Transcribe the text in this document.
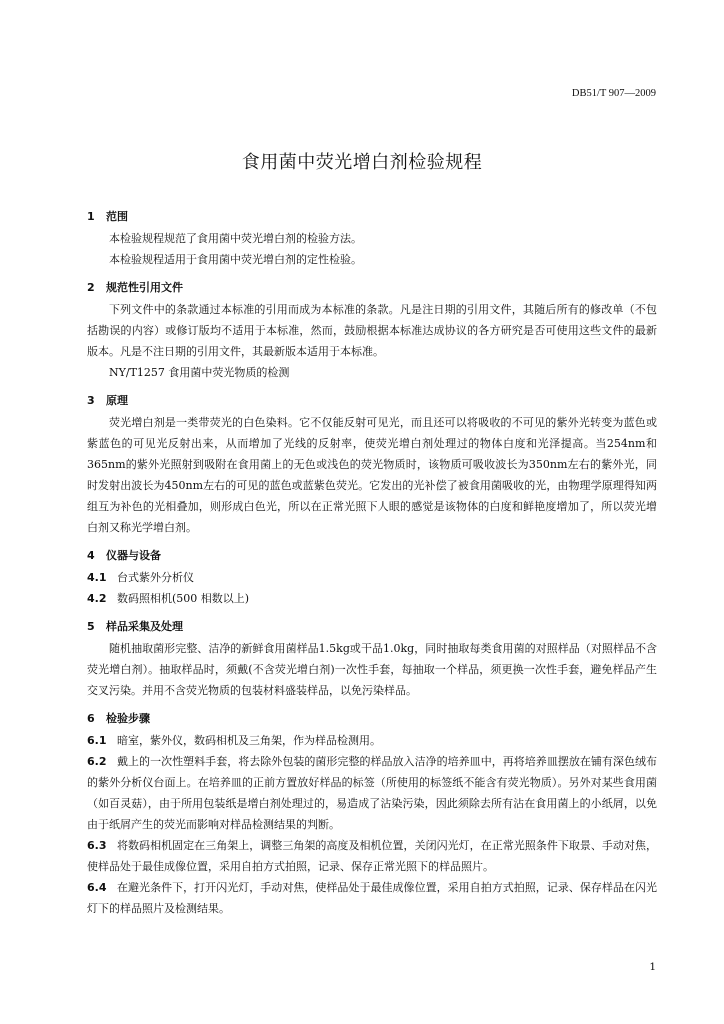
DB51/T 907—2009
食用菌中荧光增白剂检验规程
1 范围
本检验规程规范了食用菌中荧光增白剂的检验方法。
本检验规程适用于食用菌中荧光增白剂的定性检验。
2 规范性引用文件
下列文件中的条款通过本标准的引用而成为本标准的条款。凡是注日期的引用文件，其随后所有的修改单（不包括勘误的内容）或修订版均不适用于本标准，然而，鼓励根据本标准达成协议的各方研究是否可使用这些文件的最新版本。凡是不注日期的引用文件，其最新版本适用于本标准。
NY/T1257 食用菌中荧光物质的检测
3 原理
荧光增白剂是一类带荧光的白色染料。它不仅能反射可见光，而且还可以将吸收的不可见的紫外光转变为蓝色或紫蓝色的可见光反射出来，从而增加了光线的反射率，使荧光增白剂处理过的物体白度和光泽提高。当254nm和365nm的紫外光照射到吸附在食用菌上的无色或浅色的荧光物质时，该物质可吸收波长为350nm左右的紫外光，同时发射出波长为450nm左右的可见的蓝色或蓝紫色荧光。它发出的光补偿了被食用菌吸收的光，由物理学原理得知两组互为补色的光相叠加，则形成白色光，所以在正常光照下人眼的感觉是该物体的白度和鲜艳度增加了，所以荧光增白剂又称光学增白剂。
4 仪器与设备
4.1 台式紫外分析仪
4.2 数码照相机(500 相数以上)
5 样品采集及处理
随机抽取菌形完整、洁净的新鲜食用菌样品1.5kg或干品1.0kg，同时抽取每类食用菌的对照样品（对照样品不含荧光增白剂）。抽取样品时，须戴(不含荧光增白剂)一次性手套，每抽取一个样品，须更换一次性手套，避免样品产生交叉污染。并用不含荧光物质的包装材料盛装样品，以免污染样品。
6 检验步骤
6.1 暗室，紫外仪，数码相机及三角架，作为样品检测用。
6.2 戴上的一次性塑料手套，将去除外包装的菌形完整的样品放入洁净的培养皿中，再将培养皿摆放在铺有深色绒布的紫外分析仪台面上。在培养皿的正前方置放好样品的标签（所使用的标签纸不能含有荧光物质）。另外对某些食用菌（如百灵菇），由于所用包装纸是增白剂处理过的，易造成了沾染污染，因此须除去所有沾在食用菌上的小纸屑，以免由于纸屑产生的荧光而影响对样品检测结果的判断。
6.3 将数码相机固定在三角架上，调整三角架的高度及相机位置，关闭闪光灯，在正常光照条件下取景、手动对焦，使样品处于最佳成像位置，采用自拍方式拍照，记录、保存正常光照下的样品照片。
6.4 在避光条件下，打开闪光灯，手动对焦，使样品处于最佳成像位置，采用自拍方式拍照，记录、保存样品在闪光灯下的样品照片及检测结果。
1
